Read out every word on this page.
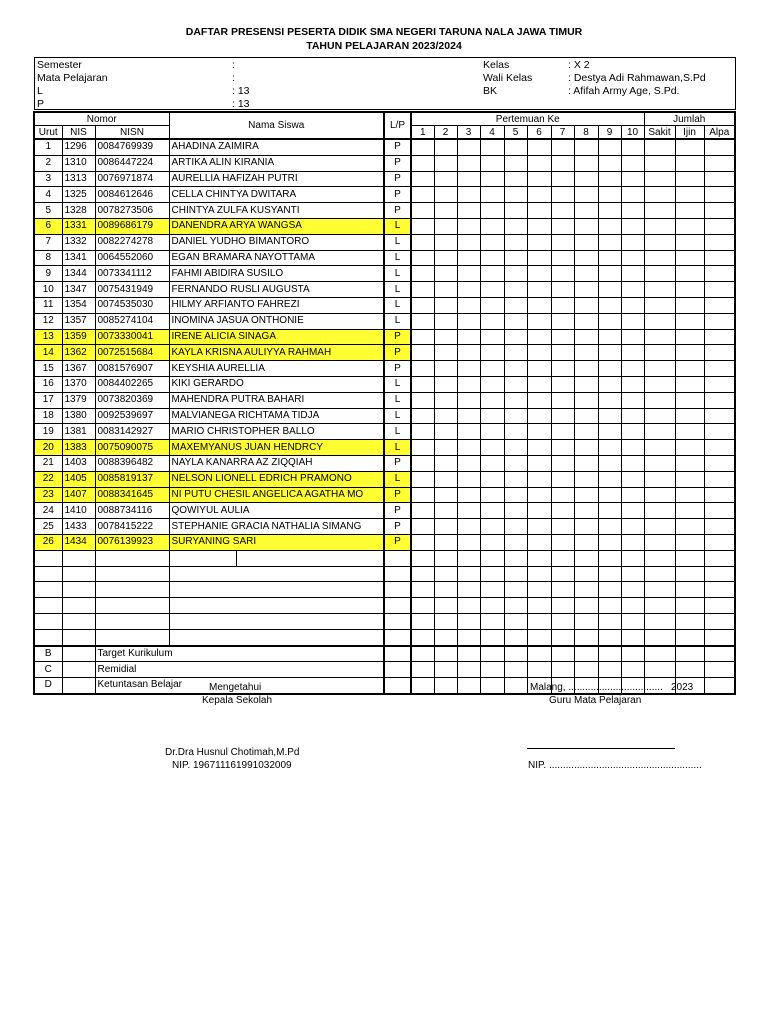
DAFTAR PRESENSI PESERTA DIDIK SMA NEGERI TARUNA NALA JAWA TIMUR
TAHUN PELAJARAN 2023/2024
Semester	:
Mata Pelajaran	:
L	: 13
P	: 13
Kelas	: X 2
Wali Kelas	: Destya Adi Rahmawan,S.Pd
BK	: Afifah Army Age, S.Pd.
Nomor			Nama Siswa		L/P	Pertemuan Ke										Jumlah		
Urut	NIS	NISN				1	2	3	4	5	6	7	8	9	10	Sakit	Ijin	Alpa
1	1296	0084769939	AHADINA ZAIMIRA		P													
2	1310	0086447224	ARTIKA ALIN KIRANIA		P													
3	1313	0076971874	AURELLIA HAFIZAH PUTRI		P													
4	1325	0084612646	CELLA CHINTYA DWITARA		P													
5	1328	0078273506	CHINTYA ZULFA KUSYANTI		P													
6	1331	0089686179	DANENDRA ARYA WANGSA		L													
7	1332	0082274278	DANIEL YUDHO BIMANTORO		L													
8	1341	0064552060	EGAN BRAMARA NAYOTTAMA		L													
9	1344	0073341112	FAHMI ABIDIRA SUSILO		L													
10	1347	0075431949	FERNANDO RUSLI AUGUSTA		L													
11	1354	0074535030	HILMY ARFIANTO FAHREZI		L													
12	1357	0085274104	INOMINA JASUA ONTHONIE		L													
13	1359	0073330041	IRENE ALICIA SINAGA		P													
14	1362	0072515684	KAYLA KRISNA AULIYYA RAHMAH		P													
15	1367	0081576907	KEYSHIA AURELLIA		P													
16	1370	0084402265	KIKI GERARDO		L													
17	1379	0073820369	MAHENDRA PUTRA BAHARI		L													
18	1380	0092539697	MALVIANEGA RICHTAMA TIDJA		L													
19	1381	0083142927	MARIO CHRISTOPHER BALLO		L													
20	1383	0075090075	MAXEMYANUS JUAN HENDRCY		L													
21	1403	0088396482	NAYLA KANARRA AZ ZIQQIAH		P													
22	1405	0085819137	NELSON LIONELL EDRICH PRAMONO		L													
23	1407	0088341645	NI PUTU CHESIL ANGELICA AGATHA MO		P													
24	1410	0088734116	QOWIYUL AULIA		P													
25	1433	0078415222	STEPHANIE GRACIA NATHALIA SIMANG		P													
26	1434	0076139923	SURYANING SARI		P													

B		Target Kurikulum																
C		Remidial																
D		Ketuntasan Belajar																	Mengetahui
Kepala Sekolah
Dr.Dra Husnul Chotimah,M.Pd
NIP. 196711161991032009
Malang, .................................. 2023
Guru Mata Pelajaran
NIP. .......................................................
